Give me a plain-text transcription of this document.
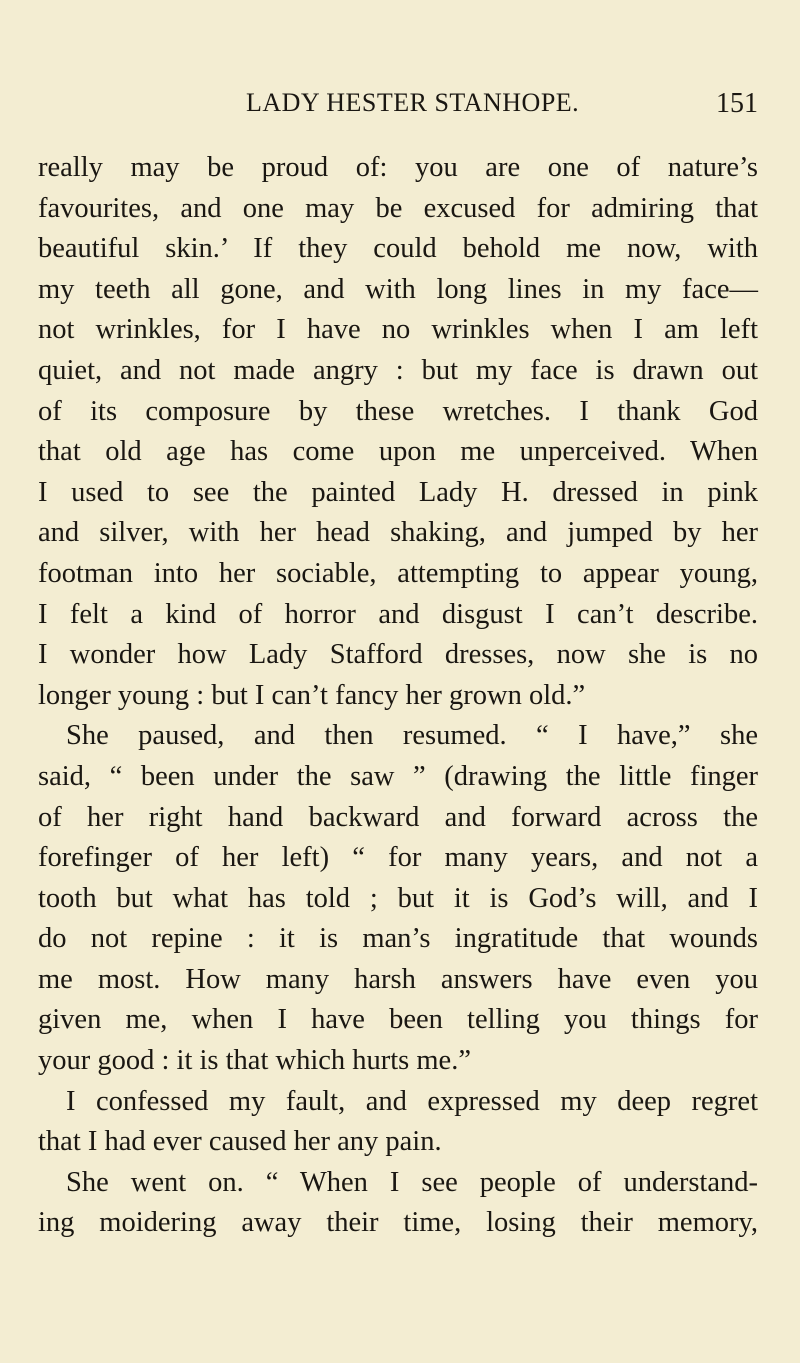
LADY HESTER STANHOPE.	151
really may be proud of: you are one of nature’s
favourites, and one may be excused for admiring that
beautiful skin.’ If they could behold me now, with
my teeth all gone, and with long lines in my face—
not wrinkles, for I have no wrinkles when I am left
quiet, and not made angry : but my face is drawn out
of its composure by these wretches. I thank God
that old age has come upon me unperceived. When
I used to see the painted Lady H. dressed in pink
and silver, with her head shaking, and jumped by her
footman into her sociable, attempting to appear young,
I felt a kind of horror and disgust I can’t describe.
I wonder how Lady Stafford dresses, now she is no
longer young : but I can’t fancy her grown old.”
She paused, and then resumed. “ I have,” she
said, “ been under the saw ” (drawing the little finger
of her right hand backward and forward across the
forefinger of her left) “ for many years, and not a
tooth but what has told ; but it is God’s will, and I
do not repine : it is man’s ingratitude that wounds
me most. How many harsh answers have even you
given me, when I have been telling you things for
your good : it is that which hurts me.”
I confessed my fault, and expressed my deep regret
that I had ever caused her any pain.
She went on. “ When I see people of understand-
ing moidering away their time, losing their memory,
